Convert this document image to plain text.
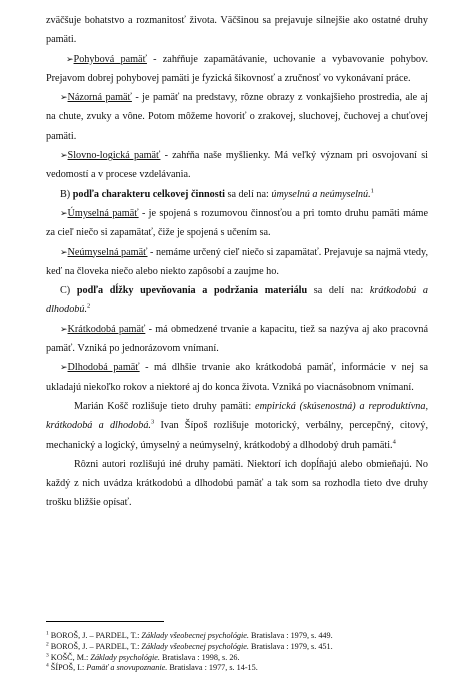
zväčšuje bohatstvo a rozmanitosť života. Väčšinou sa prejavuje silnejšie ako ostatné druhy pamäti.

➢Pohybová pamäť - zahŕňuje zapamätávanie, uchovanie a vybavovanie pohybov. Prejavom dobrej pohybovej pamäti je fyzická šikovnosť a zručnosť vo vykonávaní práce.

➢Názorná pamäť - je pamäť na predstavy, rôzne obrazy z vonkajšieho prostredia, ale aj na chute, zvuky a vône. Potom môžeme hovoriť o zrakovej, sluchovej, čuchovej a chuťovej pamäti.

➢Slovno-logická pamäť - zahŕňa naše myšlienky. Má veľký význam pri osvojovaní si vedomostí a v procese vzdelávania.

B) podľa charakteru celkovej činnosti sa delí na: úmyselnú a neúmyselnú.$^1$

➢Úmyselná pamäť - je spojená s rozumovou činnosťou a pri tomto druhu pamäti máme za cieľ niečo si zapamätať, čiže je spojená s učením sa.

➢Neúmyselná pamäť - nemáme určený cieľ niečo si zapamätať. Prejavuje sa najmä vtedy, keď na človeka niečo alebo niekto zapôsobí a zaujme ho.

C) podľa dĺžky upevňovania a podržania materiálu sa delí na: krátkodobú a dlhodobú.$^2$

➢Krátkodobá pamäť - má obmedzené trvanie a kapacitu, tiež sa nazýva aj ako pracovná pamäť. Vzniká po jednorázovom vnímaní.

➢Dlhodobá pamäť - má dlhšie trvanie ako krátkodobá pamäť, informácie v nej sa ukladajú niekoľko rokov a niektoré aj do konca života. Vzniká po viacnásobnom vnímaní.

Marián Košč rozlišuje tieto druhy pamäti: empirická (skúsenostná) a reproduktívna, krátkodobá a dlhodobá.$^3$ Ivan Šípoš rozlišuje motorický, verbálny, percepčný, citový, mechanický a logický, úmyselný a neúmyselný, krátkodobý a dlhodobý druh pamäti.$^4$

Rôzni autori rozlišujú iné druhy pamäti. Niektorí ich dopĺňajú alebo obmieňajú. No každý z nich uvádza krátkodobú a dlhodobú pamäť a tak som sa rozhodla tieto dve druhy trošku bližšie opísať.

$^1$ BOROŠ, J. – PARDEL, T.: Základy všeobecnej psychológie. Bratislava : 1979, s. 449.

$^2$ BOROŠ, J. – PARDEL, T.: Základy všeobecnej psychológie. Bratislava : 1979, s. 451.

$^3$ KOŠČ, M.: Základy psychológie. Bratislava : 1998, s. 26.

$^4$ ŠÍPOŠ, I.: Pamäť a snovupoznanie. Bratislava : 1977, s. 14-15.
